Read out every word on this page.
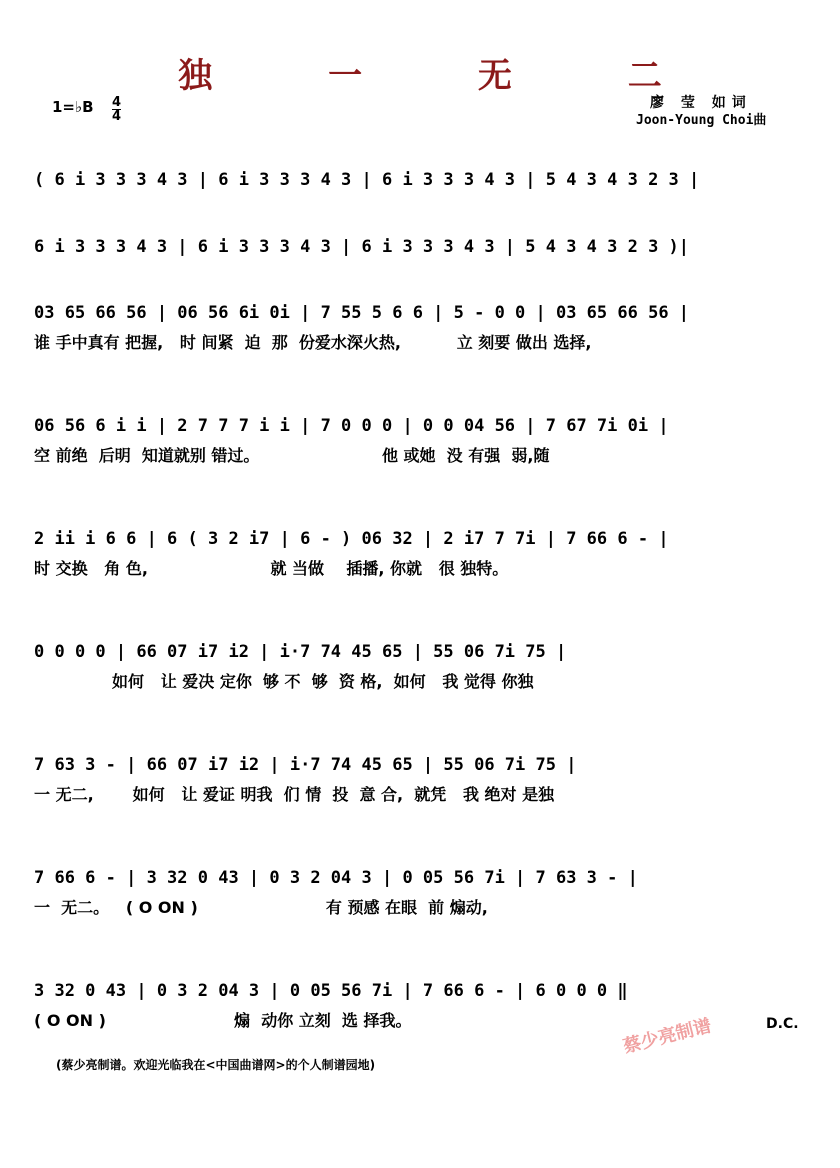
独 一 无 二
1=♭B 4
4
廖 莹 如词
Joon-Young Choi曲
( 6 i 3 3 3 4 3 | 6 i 3 3 3 4 3 | 6 i 3 3 3 4 3 | 5 4 3 4 3 2 3 |
6 i 3 3 3 4 3 | 6 i 3 3 3 4 3 | 6 i 3 3 3 4 3 | 5 4 3 4 3 2 3 )|
03 65 66 56 | 06 56 6i 0i | 7 55 5 6 6 | 5 - 0 0 | 03 65 66 56 |
谁 手中真有 把握,   时 间紧  迫  那  份爱水深火热,          立 刻要 做出 选择,
06 56 6 i i | 2 7 7 7 i i | 7 0 0 0 | 0 0 04 56 | 7 67 7i 0i |
空 前绝  后明  知道就别 错过。                      他 或她  没 有强  弱,随
2 ii i 6 6 | 6 ( 3 2 i7 | 6 - ) 06 32 | 2 i7 7 7i | 7 66 6 - |
时 交换   角 色,                      就 当做    插播, 你就   很 独特。
0 0 0 0 | 66 07 i7 i2 | i·7 74 45 65 | 55 06 7i 75 |
如何   让 爱决 定你  够 不  够  资 格,  如何   我 觉得 你独
7 63 3 - | 66 07 i7 i2 | i·7 74 45 65 | 55 06 7i 75 |
一 无二,       如何   让 爱证 明我  们 情  投  意 合,  就凭   我 绝对 是独
7 66 6 - | 3 32 0 43 | 0 3 2 04 3 | 0 05 56 7i | 7 63 3 - |
一  无二。   ( O ON )                       有 预感 在眼  前 煽动,
3 32 0 43 | 0 3 2 04 3 | 0 05 56 7i | 7 66 6 - | 6 0 0 0 ‖
( O ON )                       煽  动你 立刻  选 择我。	D.C.
蔡少亮制谱
(蔡少亮制谱。欢迎光临我在<中国曲谱网>的个人制谱园地)
